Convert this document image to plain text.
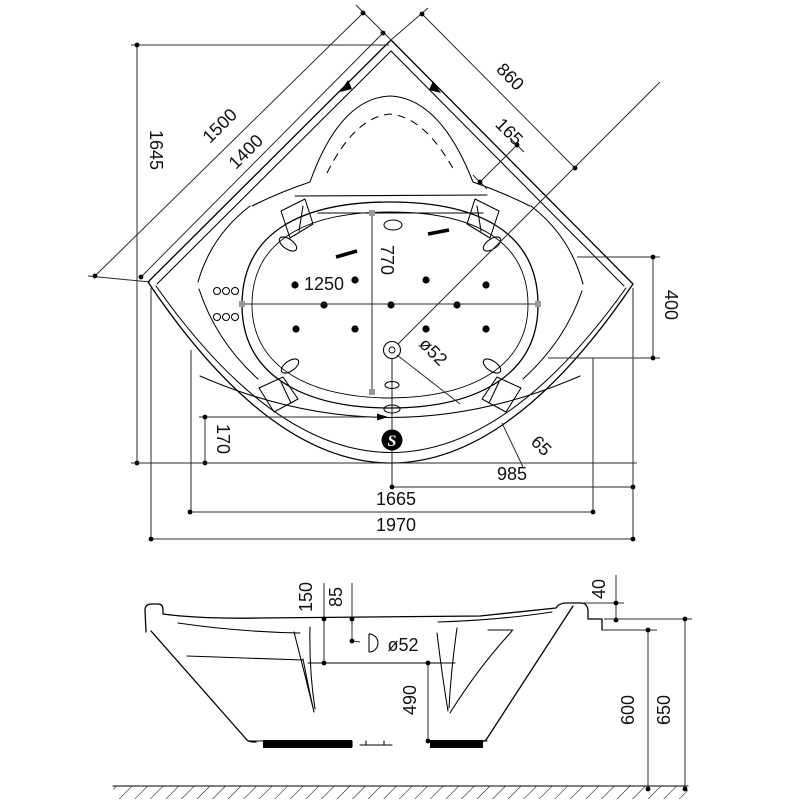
S
1645
1500
1400
860
165
770
1250
400
ø52
170	65
985
1665
1970
150 85
ø52
490
40
600 650
